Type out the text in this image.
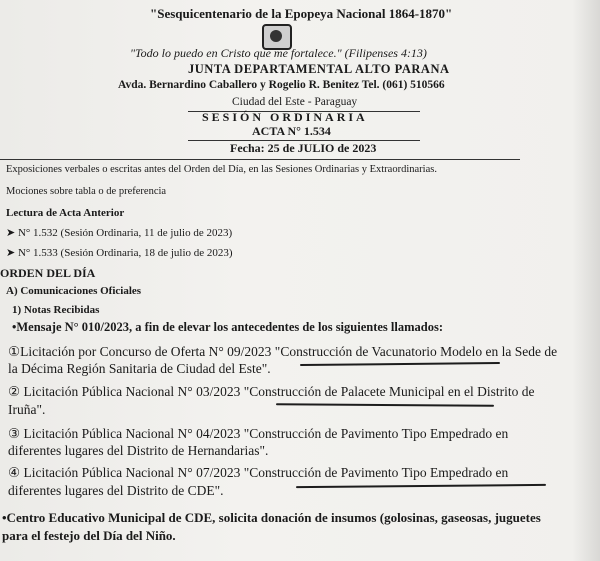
"Sesquicentenario de la Epopeya Nacional 1864-1870"
"Todo lo puedo en Cristo que me fortalece." (Filipenses 4:13)
JUNTA DEPARTAMENTAL ALTO PARANA
Avda. Bernardino Caballero y Rogelio R. Benitez Tel. (061) 510566
Ciudad del Este - Paraguay
SESIÓN ORDINARIA
ACTA N° 1.534
Fecha: 25 de JULIO de 2023
Exposiciones verbales o escritas antes del Orden del Día, en las Sesiones Ordinarias y Extraordinarias.
Mociones sobre tabla o de preferencia
Lectura de Acta Anterior
➤ N° 1.532 (Sesión Ordinaria, 11 de julio de 2023)
➤ N° 1.533 (Sesión Ordinaria, 18 de julio de 2023)
ORDEN DEL DÍA
A) Comunicaciones Oficiales
1) Notas Recibidas
•Mensaje N° 010/2023, a fin de elevar los antecedentes de los siguientes llamados:
①Licitación por Concurso de Oferta N° 09/2023 "Construcción de Vacunatorio Modelo en la Sede de
la Décima Región Sanitaria de Ciudad del Este".
② Licitación Pública Nacional N° 03/2023 "Construcción de Palacete Municipal en el Distrito de
Iruña".
③ Licitación Pública Nacional N° 04/2023 "Construcción de Pavimento Tipo Empedrado en
diferentes lugares del Distrito de Hernandarias".
④ Licitación Pública Nacional N° 07/2023 "Construcción de Pavimento Tipo Empedrado en
diferentes lugares del Distrito de CDE".
•Centro Educativo Municipal de CDE, solicita donación de insumos (golosinas, gaseosas, juguetes
para el festejo del Día del Niño.
